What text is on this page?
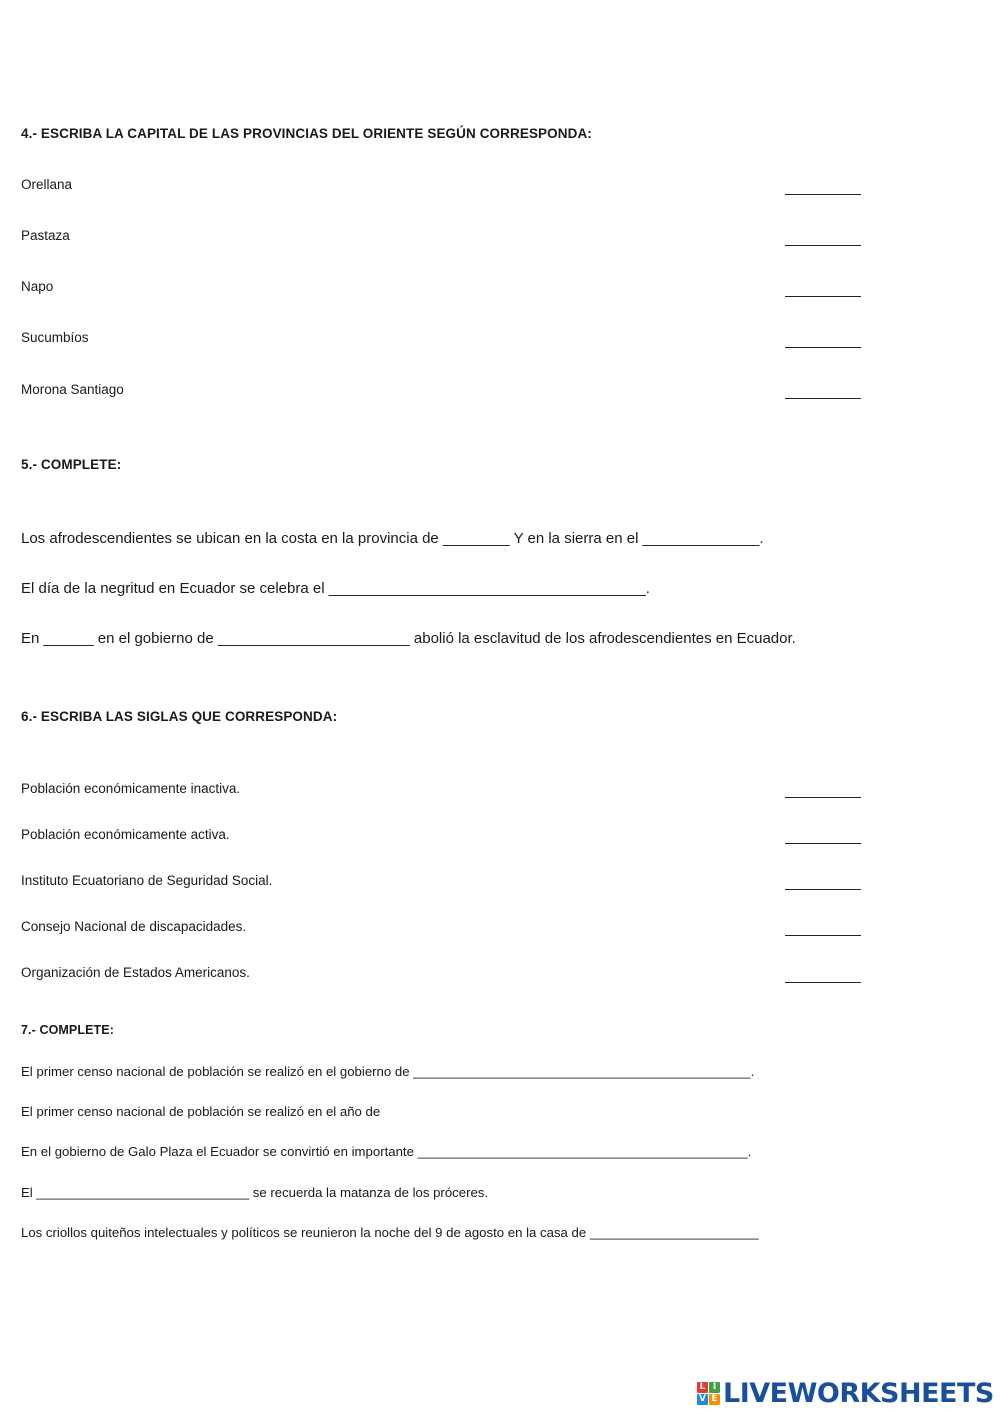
4.- ESCRIBA LA CAPITAL DE LAS PROVINCIAS DEL ORIENTE SEGÚN CORRESPONDA:
Orellana
Pastaza
Napo
Sucumbíos
Morona Santiago
5.- COMPLETE:
Los afrodescendientes se ubican en la costa en la provincia de ________ Y en la sierra en el ______________.
El día de la negritud en Ecuador se celebra el ______________________________________.
En ______ en el gobierno de _______________________ abolió la esclavitud de los afrodescendientes en Ecuador.
6.- ESCRIBA LAS SIGLAS QUE CORRESPONDA:
Población económicamente inactiva.
Población económicamente activa.
Instituto Ecuatoriano de Seguridad Social.
Consejo Nacional de discapacidades.
Organización de Estados Americanos.
7.- COMPLETE:
El primer censo nacional de población se realizó en el gobierno de ______________________________________________.
El primer censo nacional de población se realizó en el año de
En el gobierno de Galo Plaza el Ecuador se convirtió en importante _____________________________________________.
El _____________________________ se recuerda la matanza de los próceres.
Los criollos quiteños intelectuales y políticos se reunieron la noche del 9 de agosto en la casa de _______________________
L I
V E LIVEWORKSHEETS
